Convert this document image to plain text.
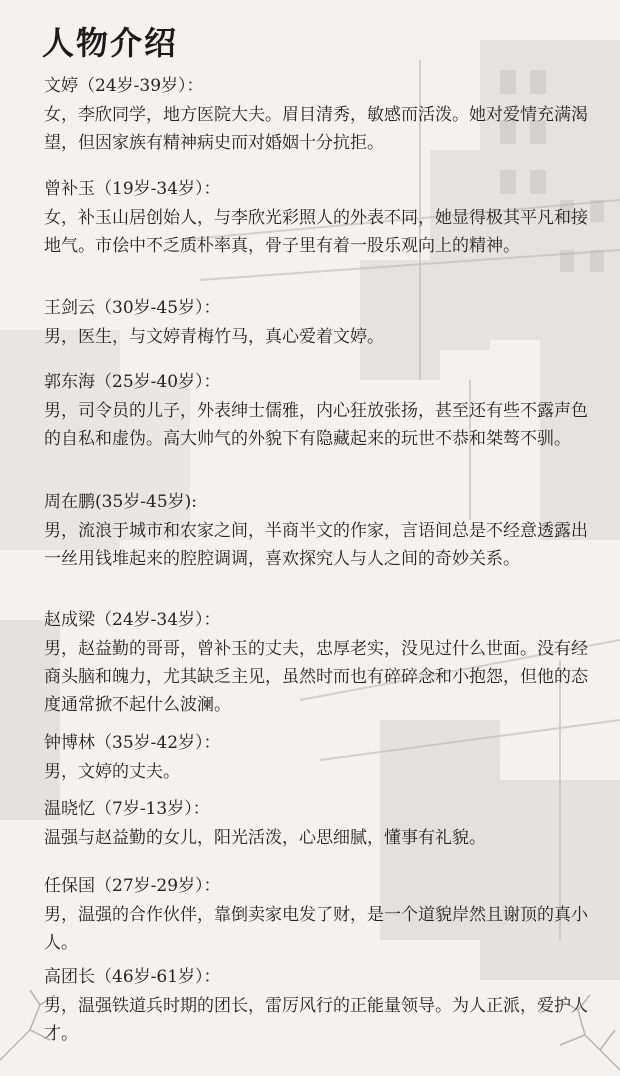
人物介绍

文婷（24岁-39岁）：

女，李欣同学，地方医院大夫。眉目清秀，敏感而活泼。她对爱情充满渴望，但因家族有精神病史而对婚姻十分抗拒。

曾补玉（19岁-34岁）：

女，补玉山居创始人，与李欣光彩照人的外表不同，她显得极其平凡和接地气。市侩中不乏质朴率真，骨子里有着一股乐观向上的精神。

王剑云（30岁-45岁）：

男，医生，与文婷青梅竹马，真心爱着文婷。

郭东海（25岁-40岁）：

男，司令员的儿子，外表绅士儒雅，内心狂放张扬，甚至还有些不露声色的自私和虚伪。高大帅气的外貌下有隐藏起来的玩世不恭和桀骜不驯。

周在鹏(35岁-45岁):

男，流浪于城市和农家之间，半商半文的作家，言语间总是不经意透露出一丝用钱堆起来的腔腔调调，喜欢探究人与人之间的奇妙关系。

赵成梁（24岁-34岁）：

男，赵益勤的哥哥，曾补玉的丈夫，忠厚老实，没见过什么世面。没有经商头脑和魄力，尤其缺乏主见，虽然时而也有碎碎念和小抱怨，但他的态度通常掀不起什么波澜。

钟博林（35岁-42岁）：

男，文婷的丈夫。

温晓忆（7岁-13岁）：

温强与赵益勤的女儿，阳光活泼，心思细腻，懂事有礼貌。

任保国（27岁-29岁）：

男，温强的合作伙伴，靠倒卖家电发了财，是一个道貌岸然且谢顶的真小人。

高团长（46岁-61岁）：

男，温强铁道兵时期的团长，雷厉风行的正能量领导。为人正派，爱护人才。
